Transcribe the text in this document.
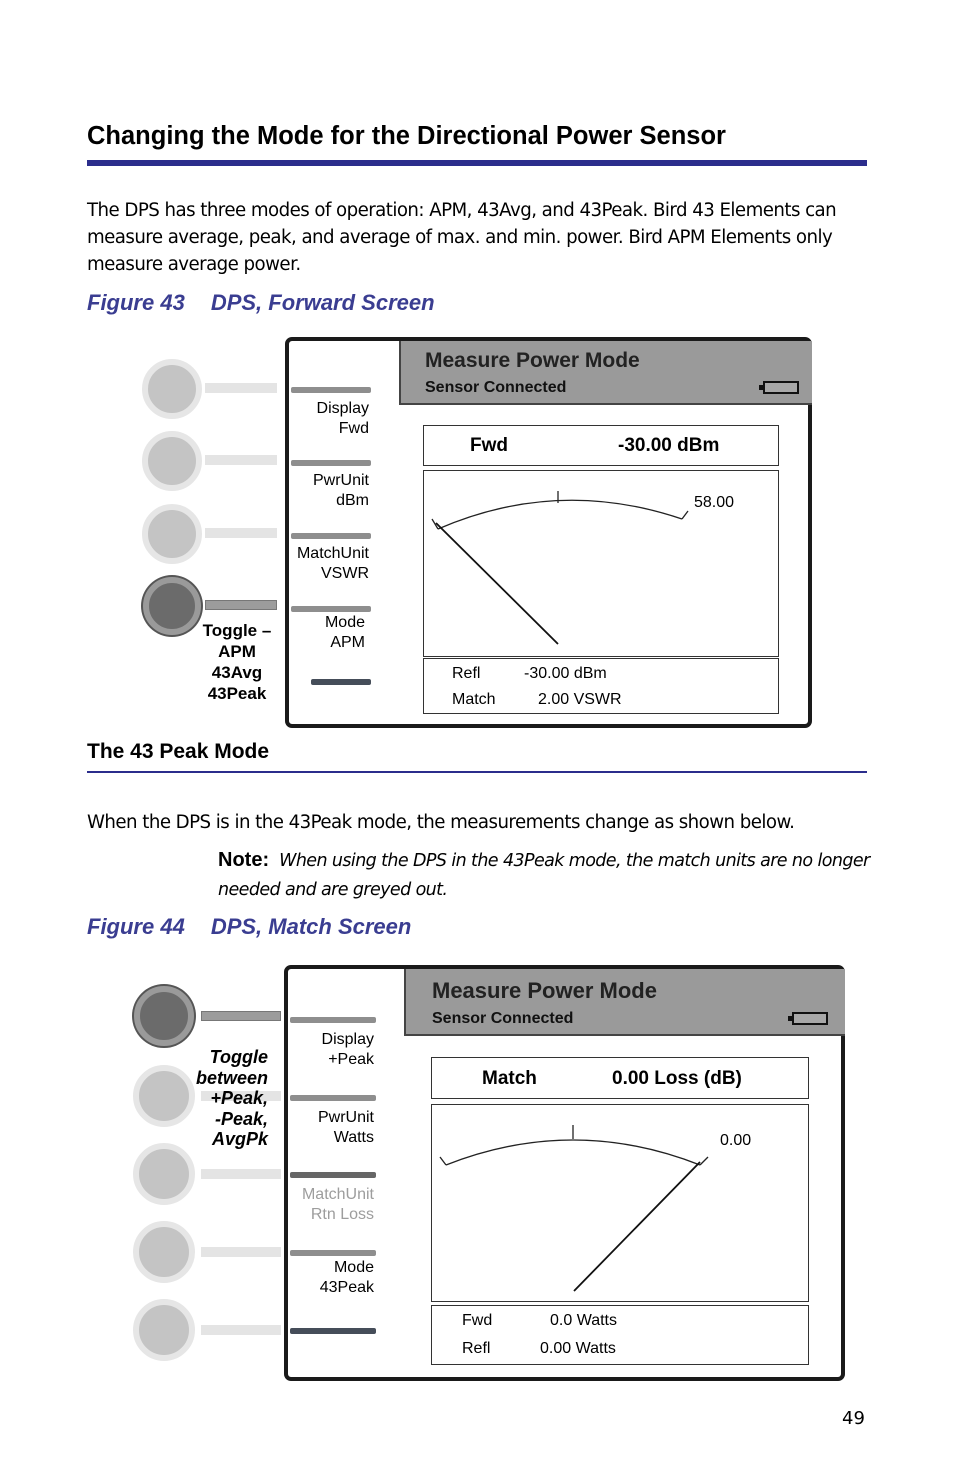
Changing the Mode for the Directional Power Sensor
The DPS has three modes of operation: APM, 43Avg, and 43Peak. Bird 43 Elements can measure average, peak, and average of max. and min. power. Bird APM Elements only measure average power.
Figure 43 DPS, Forward Screen
Toggle –
APM
43Avg
43Peak
Measure Power Mode
Sensor Connected
Display
Fwd
PwrUnit
dBm
MatchUnit
VSWR
Mode
APM
Fwd	-30.00 dBm
58.00
Refl	-30.00 dBm
Match	2.00 VSWR
The 43 Peak Mode
When the DPS is in the 43Peak mode, the measurements change as shown below.
Note: When using the DPS in the 43Peak mode, the match units are no longer needed and are greyed out.
Figure 44 DPS, Match Screen
Toggle
between
+Peak,
-Peak,
AvgPk
Measure Power Mode
Sensor Connected
Display
+Peak
PwrUnit
Watts
MatchUnit
Rtn Loss
Mode
43Peak
Match	0.00 Loss (dB)
0.00
Fwd	0.0 Watts
Refl	0.00 Watts
49
